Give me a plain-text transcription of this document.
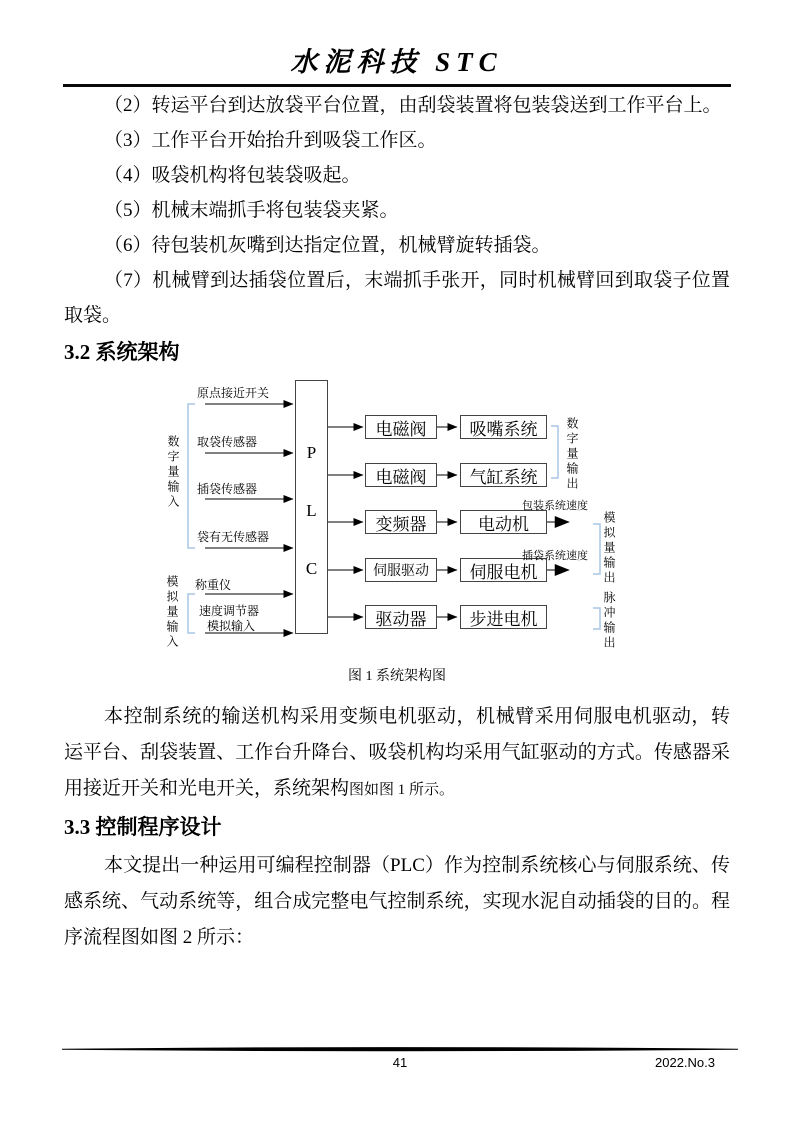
水泥科技 STC

（2）转运平台到达放袋平台位置，由刮袋装置将包装袋送到工作平台上。

（3）工作平台开始抬升到吸袋工作区。

（4）吸袋机构将包装袋吸起。

（5）机械末端抓手将包装袋夹紧。

（6）待包装机灰嘴到达指定位置，机械臂旋转插袋。

（7）机械臂到达插袋位置后，末端抓手张开，同时机械臂回到取袋子位置取袋。

3.2 系统架构
P
L
C
原点接近开关
取袋传感器
插袋传感器
袋有无传感器
称重仪
速度调节器
模拟输入
数字量输入
模拟量输入
数字量输出
模拟量输出
脉冲输出
电磁阀
电磁阀
变频器
伺服驱动
驱动器
吸嘴系统
气缸系统
电动机
伺服电机
步进电机
包装系统速度
插袋系统速度
图 1 系统架构图

本控制系统的输送机构采用变频电机驱动，机械臂采用伺服电机驱动，转运平台、刮袋装置、工作台升降台、吸袋机构均采用气缸驱动的方式。传感器采用接近开关和光电开关，系统架构图如图 1 所示。

3.3 控制程序设计

本文提出一种运用可编程控制器（PLC）作为控制系统核心与伺服系统、传感系统、气动系统等，组合成完整电气控制系统，实现水泥自动插袋的目的。程序流程图如图 2 所示：

41	2022.No.3
